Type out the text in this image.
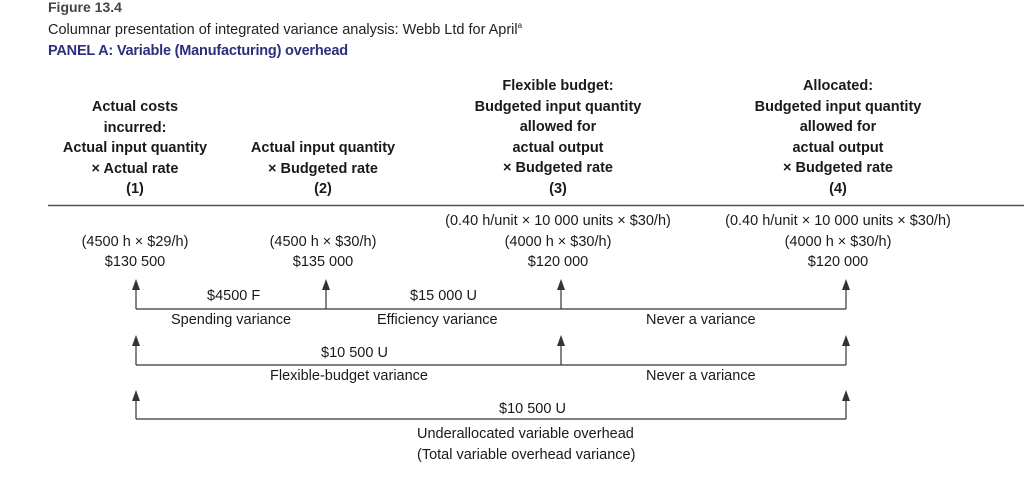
Figure 13.4
Columnar presentation of integrated variance analysis: Webb Ltd for April$^a$
PANEL A: Variable (Manufacturing) overhead
Actual costs
incurred:
Actual input quantity
× Actual rate
(1)
Actual input quantity
× Budgeted rate
(2)
Flexible budget:
Budgeted input quantity
allowed for
actual output
× Budgeted rate
(3)
Allocated:
Budgeted input quantity
allowed for
actual output
× Budgeted rate
(4)
(4500 h × $29/h)
$130 500
(4500 h × $30/h)
$135 000
(0.40 h/unit × 10 000 units × $30/h)
(4000 h × $30/h)
$120 000
(0.40 h/unit × 10 000 units × $30/h)
(4000 h × $30/h)
$120 000
$4500 F
Spending variance
$15 000 U
Efficiency variance	Never a variance
$10 500 U
Flexible-budget variance	Never a variance
$10 500 U
Underallocated variable overhead
(Total variable overhead variance)
